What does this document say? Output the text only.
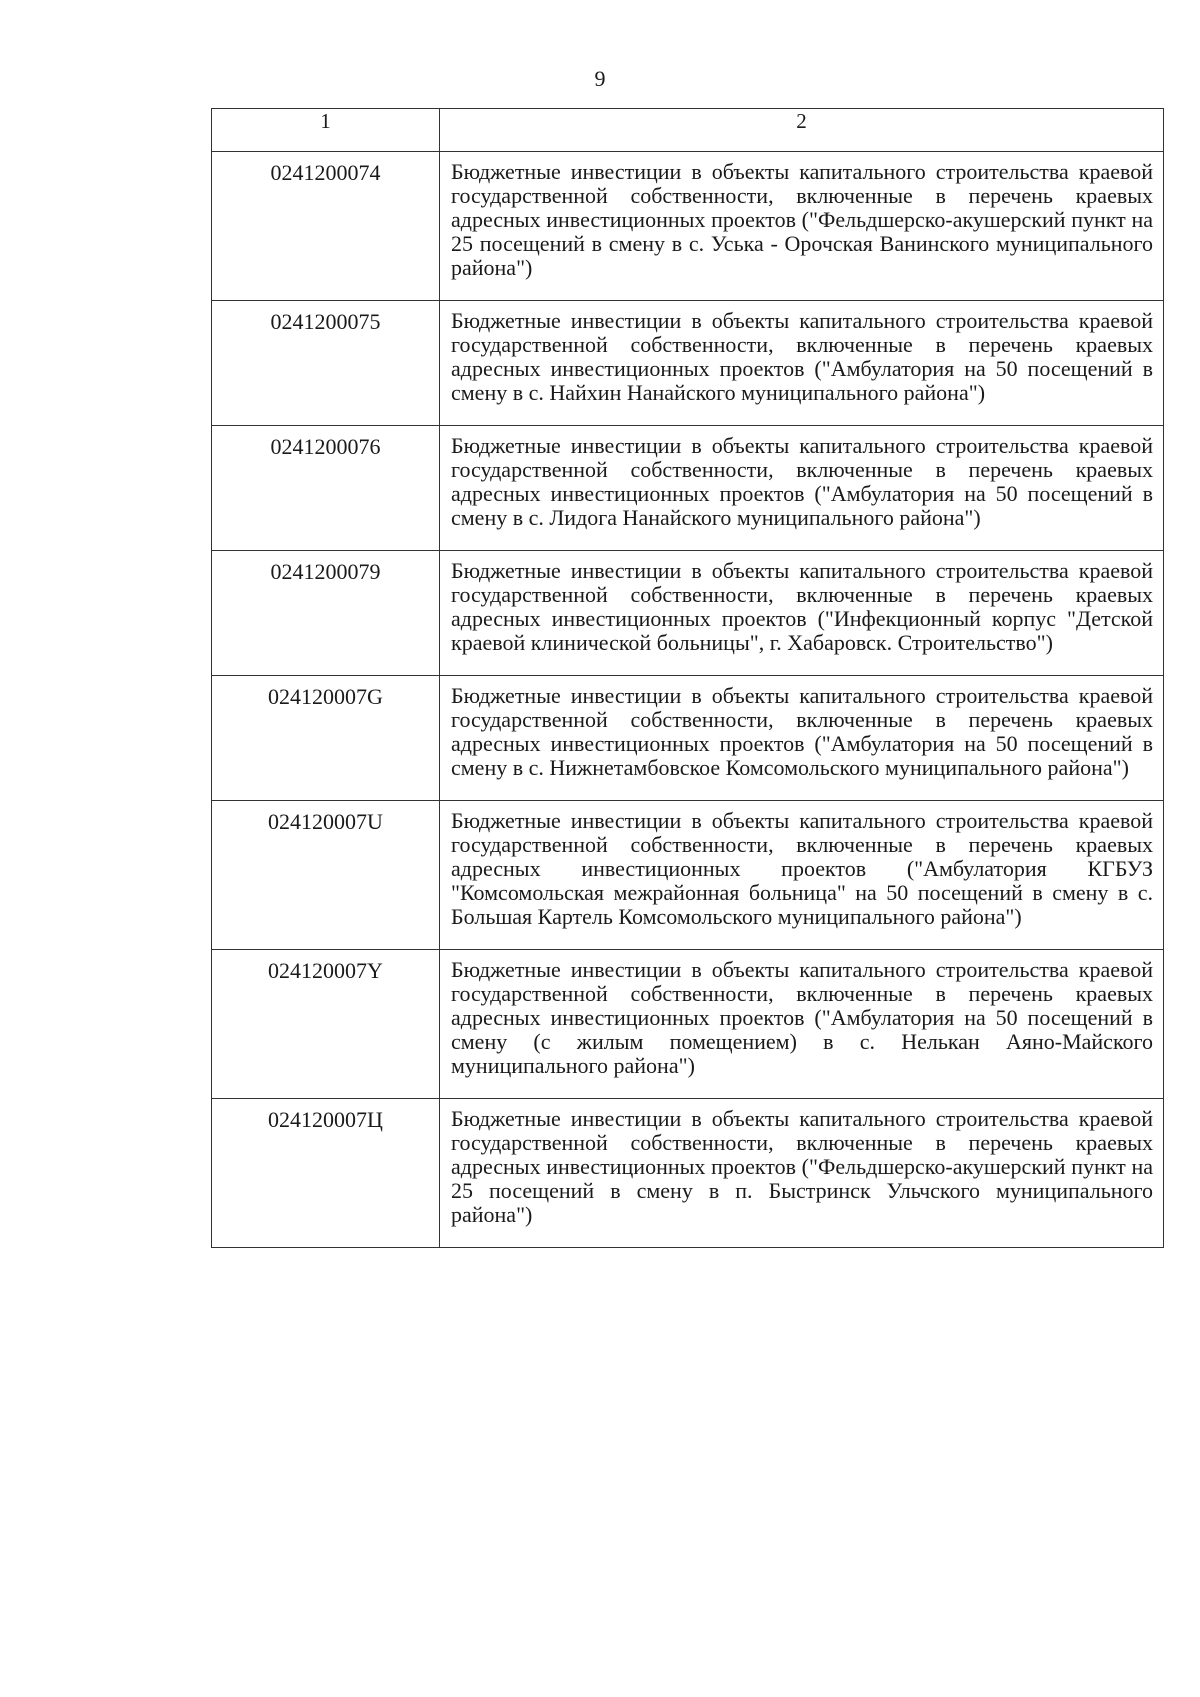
9
1	2
0241200074	Бюджетные инвестиции в объекты капитального строительства краевой государственной собственности, включенные в перечень краевых адресных инвестиционных проектов ("Фельдшерско-акушерский пункт на 25 посещений в смену в с. Уська - Орочская Ванинского муниципального района")
0241200075	Бюджетные инвестиции в объекты капитального строительства краевой государственной собственности, включенные в перечень краевых адресных инвестиционных проектов ("Амбулатория на 50 посещений в смену в с. Найхин Нанайского муниципального района")
0241200076	Бюджетные инвестиции в объекты капитального строительства краевой государственной собственности, включенные в перечень краевых адресных инвестиционных проектов ("Амбулатория на 50 посещений в смену в с. Лидога Нанайского муниципального района")
0241200079	Бюджетные инвестиции в объекты капитального строительства краевой государственной собственности, включенные в перечень краевых адресных инвестиционных проектов ("Инфекционный корпус "Детской краевой клинической больницы", г. Хабаровск. Строительство")
024120007G	Бюджетные инвестиции в объекты капитального строительства краевой государственной собственности, включенные в перечень краевых адресных инвестиционных проектов ("Амбулатория на 50 посещений в смену в с. Нижнетамбовское Комсомольского муниципального района")
024120007U	Бюджетные инвестиции в объекты капитального строительства краевой государственной собственности, включенные в перечень краевых адресных инвестиционных проектов ("Амбулатория КГБУЗ "Комсомольская межрайонная больница" на 50 посещений в смену в с. Большая Картель Комсомольского муниципального района")
024120007Y	Бюджетные инвестиции в объекты капитального строительства краевой государственной собственности, включенные в перечень краевых адресных инвестиционных проектов ("Амбулатория на 50 посещений в смену (с жилым помещением) в с. Нелькан Аяно-Майского муниципального района")
024120007Ц	Бюджетные инвестиции в объекты капитального строительства краевой государственной собственности, включенные в перечень краевых адресных инвестиционных проектов ("Фельдшерско-акушерский пункт на 25 посещений в смену в п. Быстринск Ульчского муниципального района")
